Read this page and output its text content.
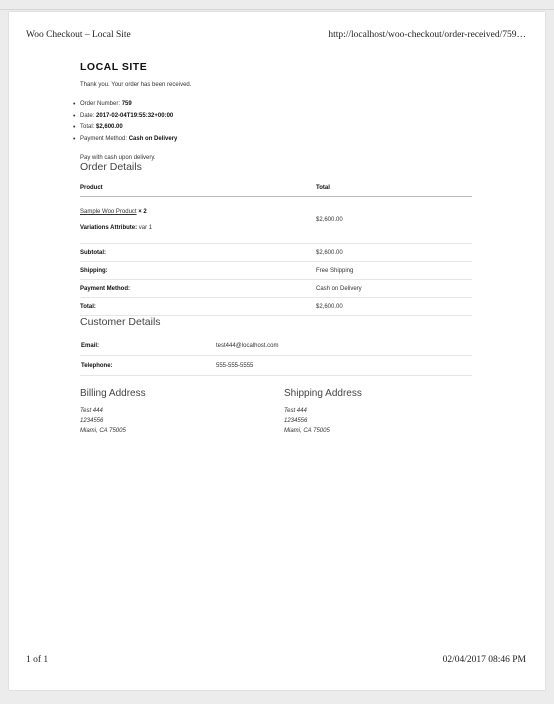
Woo Checkout – Local Site	http://localhost/woo-checkout/order-received/759…
LOCAL SITE
Thank you. Your order has been received.
• Order Number: 759
• Date: 2017-02-04T19:55:32+00:00
• Total: $2,600.00
• Payment Method: Cash on Delivery
Pay with cash upon delivery.
Order Details
Product	Total

Sample Woo Product × 2
Variations Attribute: var 1	$2,600.00
Subtotal:	$2,600.00
Shipping:	Free Shipping
Payment Method:	Cash on Delivery
Total:	$2,600.00
Customer Details
Email:	test444@localhost.com
Telephone:	555-555-5555
Billing Address
Test 444
1234556
Miami, CA 75005
Shipping Address
Test 444
1234556
Miami, CA 75005
1 of 1	02/04/2017 08:46 PM
